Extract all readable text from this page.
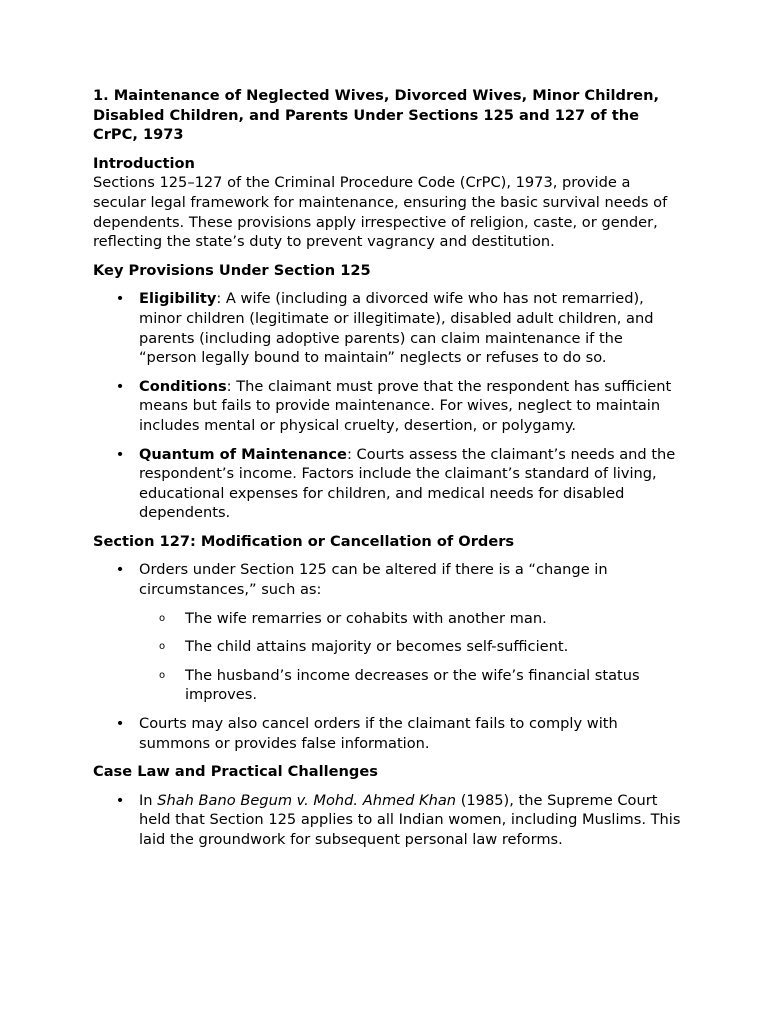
1. Maintenance of Neglected Wives, Divorced Wives, Minor Children, Disabled Children, and Parents Under Sections 125 and 127 of the CrPC, 1973

Introduction

Sections 125–127 of the Criminal Procedure Code (CrPC), 1973, provide a secular legal framework for maintenance, ensuring the basic survival needs of dependents. These provisions apply irrespective of religion, caste, or gender, reflecting the state’s duty to prevent vagrancy and destitution.

Key Provisions Under Section 125

• Eligibility: A wife (including a divorced wife who has not remarried), minor children (legitimate or illegitimate), disabled adult children, and parents (including adoptive parents) can claim maintenance if the “person legally bound to maintain” neglects or refuses to do so.
• Conditions: The claimant must prove that the respondent has sufficient means but fails to provide maintenance. For wives, neglect to maintain includes mental or physical cruelty, desertion, or polygamy.
• Quantum of Maintenance: Courts assess the claimant’s needs and the respondent’s income. Factors include the claimant’s standard of living, educational expenses for children, and medical needs for disabled dependents.

Section 127: Modification or Cancellation of Orders

• Orders under Section 125 can be altered if there is a “change in circumstances,” such as:
o The wife remarries or cohabits with another man.
o The child attains majority or becomes self-sufficient.
o The husband’s income decreases or the wife’s financial status improves.
• Courts may also cancel orders if the claimant fails to comply with summons or provides false information.

Case Law and Practical Challenges

• In Shah Bano Begum v. Mohd. Ahmed Khan (1985), the Supreme Court held that Section 125 applies to all Indian women, including Muslims. This laid the groundwork for subsequent personal law reforms.
